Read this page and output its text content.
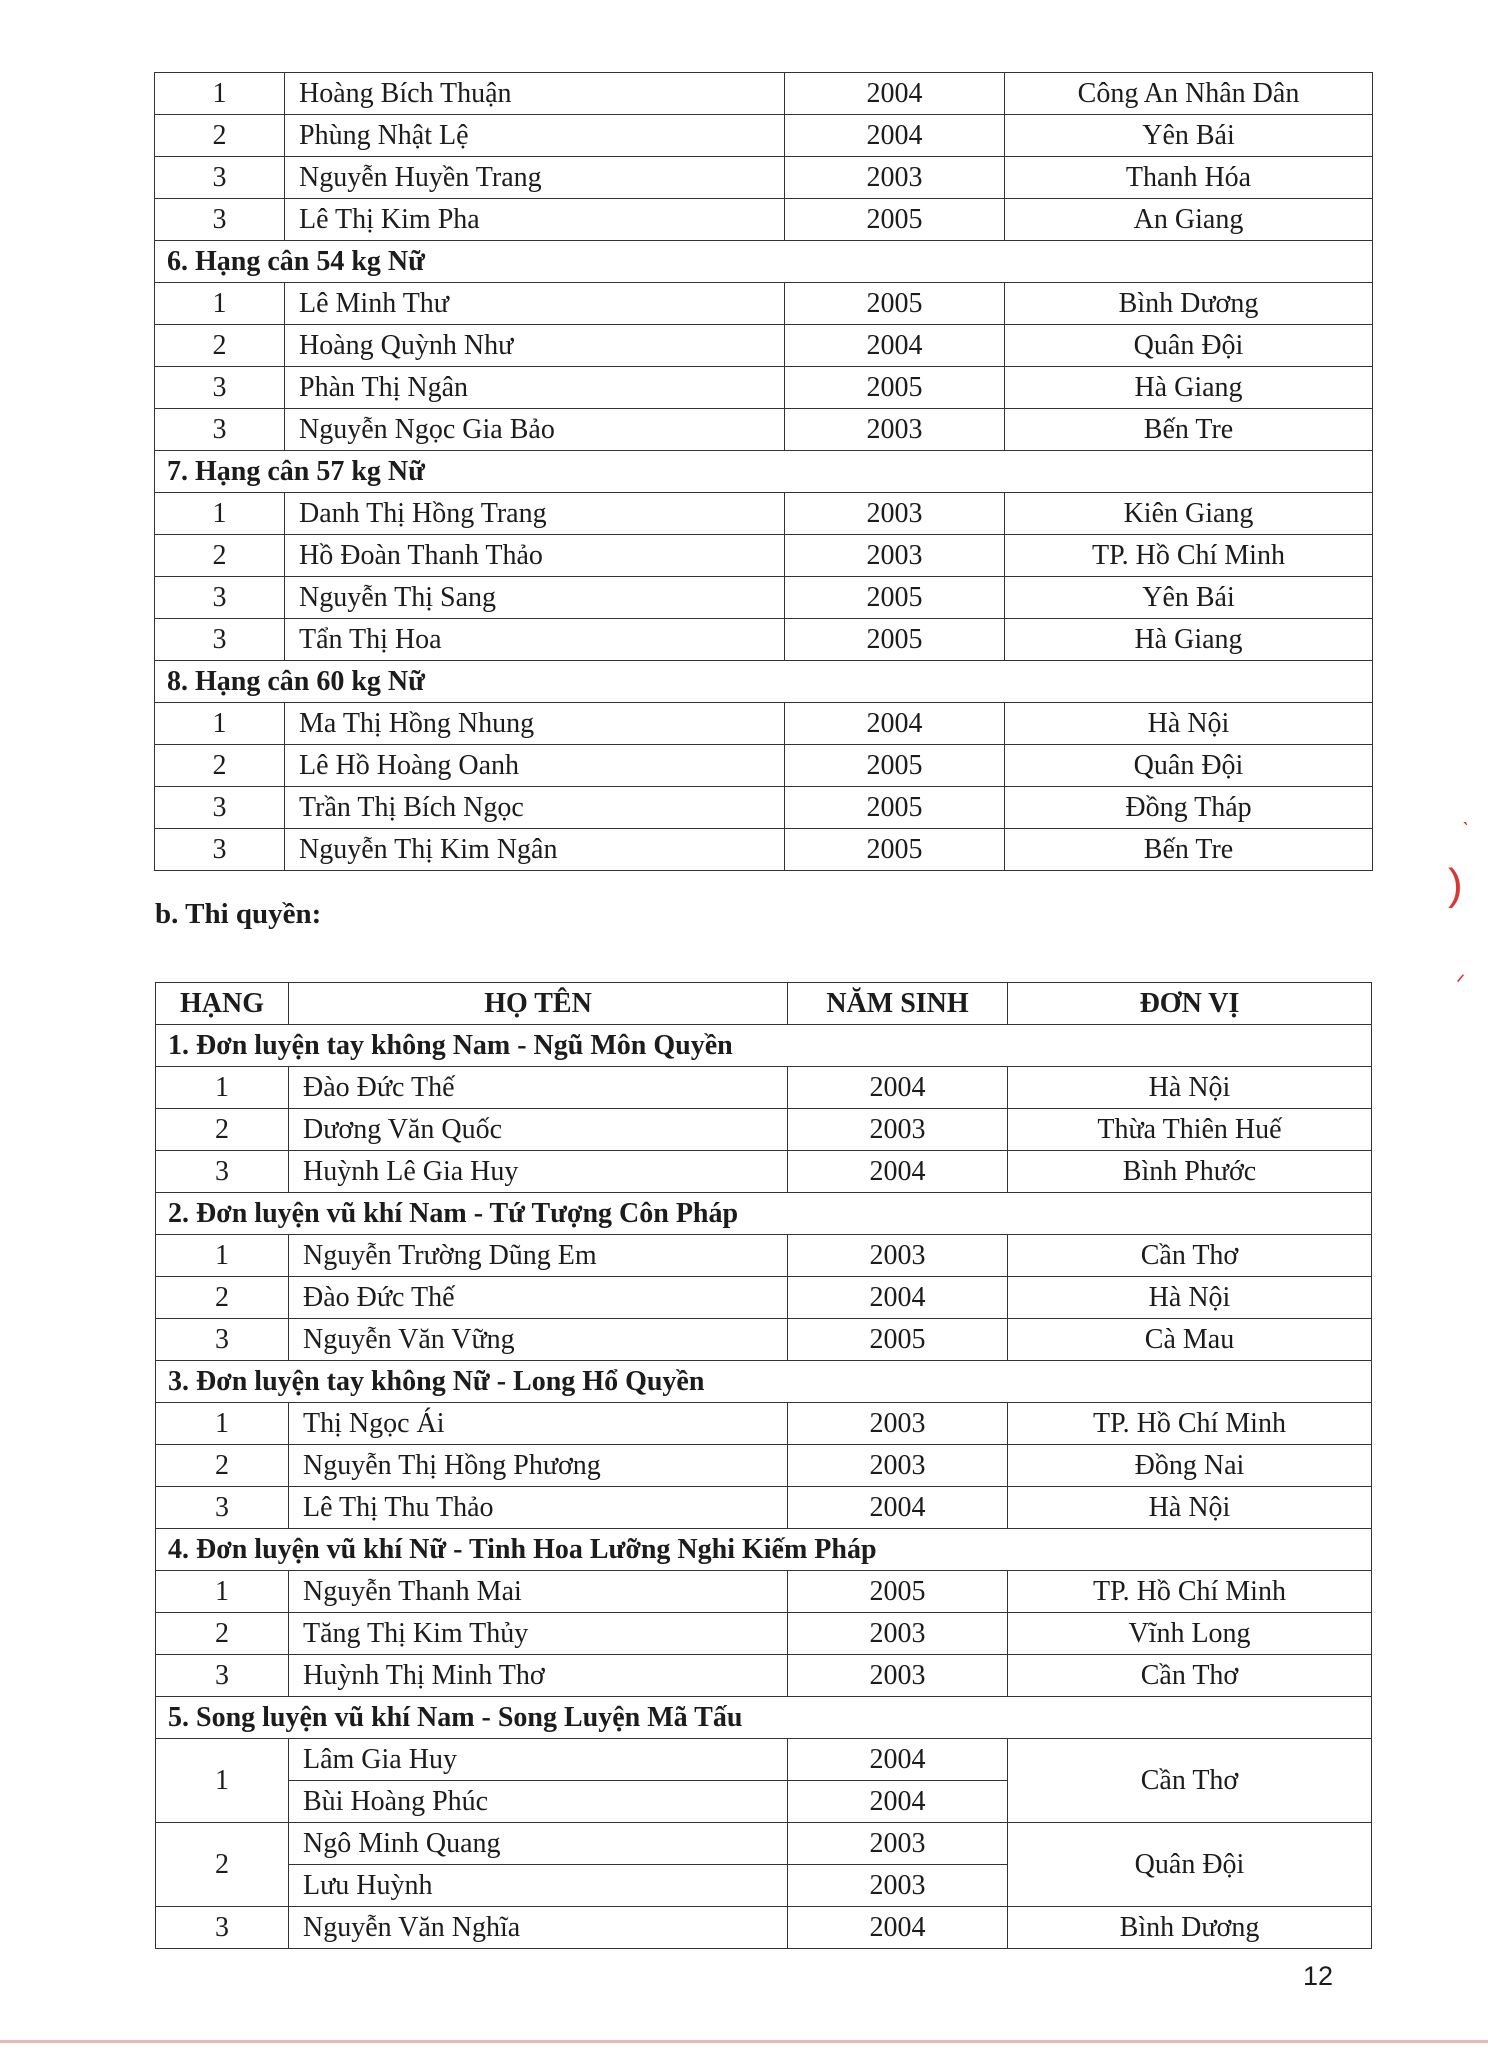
1	Hoàng Bích Thuận	2004	Công An Nhân Dân
2	Phùng Nhật Lệ	2004	Yên Bái
3	Nguyễn Huyền Trang	2003	Thanh Hóa
3	Lê Thị Kim Pha	2005	An Giang
6. Hạng cân 54 kg Nữ			
1	Lê Minh Thư	2005	Bình Dương
2	Hoàng Quỳnh Như	2004	Quân Đội
3	Phàn Thị Ngân	2005	Hà Giang
3	Nguyễn Ngọc Gia Bảo	2003	Bến Tre
7. Hạng cân 57 kg Nữ			
1	Danh Thị Hồng Trang	2003	Kiên Giang
2	Hồ Đoàn Thanh Thảo	2003	TP. Hồ Chí Minh
3	Nguyễn Thị Sang	2005	Yên Bái
3	Tẩn Thị Hoa	2005	Hà Giang
8. Hạng cân 60 kg Nữ			
1	Ma Thị Hồng Nhung	2004	Hà Nội
2	Lê Hồ Hoàng Oanh	2005	Quân Đội
3	Trần Thị Bích Ngọc	2005	Đồng Tháp
3	Nguyễn Thị Kim Ngân	2005	Bến Tre
b. Thi quyền:
HẠNG	HỌ TÊN	NĂM SINH	ĐƠN VỊ
1. Đơn luyện tay không Nam - Ngũ Môn Quyền			
1	Đào Đức Thế	2004	Hà Nội
2	Dương Văn Quốc	2003	Thừa Thiên Huế
3	Huỳnh Lê Gia Huy	2004	Bình Phước
2. Đơn luyện vũ khí Nam - Tứ Tượng Côn Pháp			
1	Nguyễn Trường Dũng Em	2003	Cần Thơ
2	Đào Đức Thế	2004	Hà Nội
3	Nguyễn Văn Vững	2005	Cà Mau
3. Đơn luyện tay không Nữ - Long Hổ Quyền			
1	Thị Ngọc Ái	2003	TP. Hồ Chí Minh
2	Nguyễn Thị Hồng Phương	2003	Đồng Nai
3	Lê Thị Thu Thảo	2004	Hà Nội
4. Đơn luyện vũ khí Nữ - Tinh Hoa Lưỡng Nghi Kiếm Pháp			
1	Nguyễn Thanh Mai	2005	TP. Hồ Chí Minh
2	Tăng Thị Kim Thủy	2003	Vĩnh Long
3	Huỳnh Thị Minh Thơ	2003	Cần Thơ
5. Song luyện vũ khí Nam - Song Luyện Mã Tấu			
1	Lâm Gia Huy	2004	Cần Thơ
	Bùi Hoàng Phúc	2004	
2	Ngô Minh Quang	2003	Quân Đội
	Lưu Huỳnh	2003	
3	Nguyễn Văn Nghĩa	2004	Bình Dương
12
ˋ
)
ᐟ
